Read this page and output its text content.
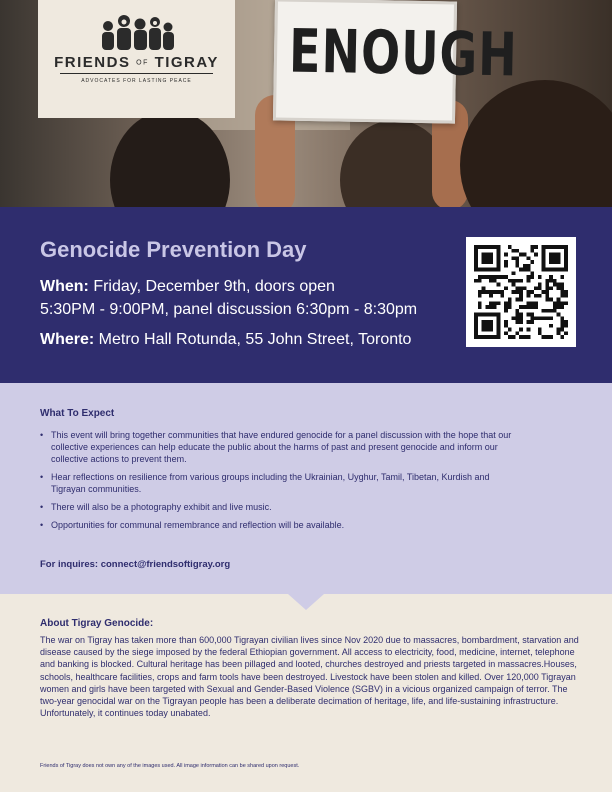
ENOUGH
FRIENDS OF TIGRAY
ADVOCATES FOR LASTING PEACE
Genocide Prevention Day
When: Friday, December 9th, doors open
5:30PM - 9:00PM, panel discussion 6:30pm - 8:30pm
Where: Metro Hall Rotunda, 55 John Street, Toronto
What To Expect
• This event will bring together communities that have endured genocide for a panel discussion with the hope that our collective experiences can help educate the public about the harms of past and present genocide and inform our collective actions to prevent them.
• Hear reflections on resilience from various groups including the Ukrainian, Uyghur, Tamil, Tibetan, Kurdish and Tigrayan communities.
• There will also be a photography exhibit and live music.
• Opportunities for communal remembrance and reflection will be available.
For inquires: connect@friendsoftigray.org
About Tigray Genocide:
The war on Tigray has taken more than 600,000 Tigrayan civilian lives since Nov 2020 due to massacres, bombardment, starvation and disease caused by the siege imposed by the federal Ethiopian government. All access to electricity, food, medicine, internet, telephone and banking is blocked. Cultural heritage has been pillaged and looted, churches destroyed and priests targeted in massacres.Houses, schools, healthcare facilities, crops and farm tools have been destroyed. Livestock have been stolen and killed. Over 120,000 Tigrayan women and girls have been targeted with Sexual and Gender-Based Violence (SGBV) in a vicious organized campaign of terror. The two-year genocidal war on the Tigrayan people has been a deliberate decimation of heritage, life, and life-sustaining infrastructure. Unfortunately, it continues today unabated.
Friends of Tigray does not own any of the images used. All image information can be shared upon request.
